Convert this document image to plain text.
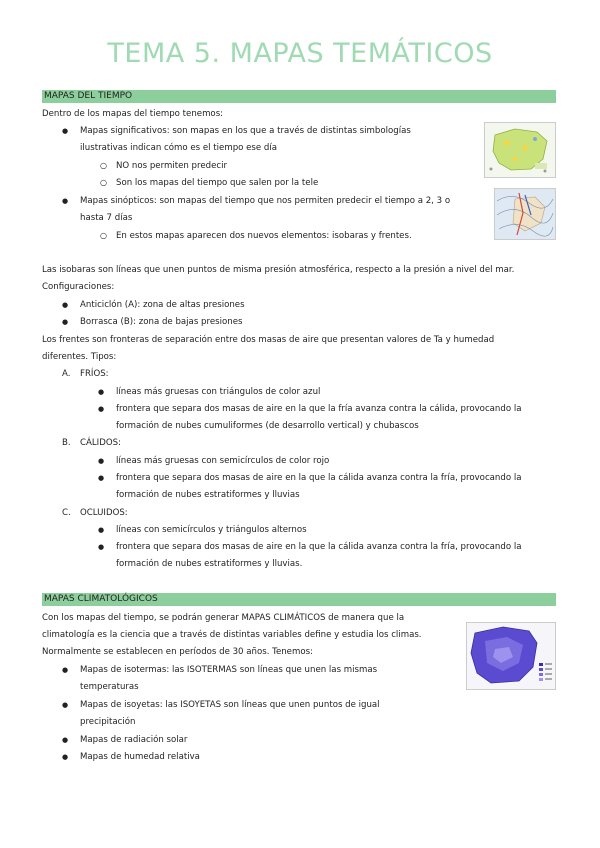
TEMA 5. MAPAS TEMÁTICOS
MAPAS DEL TIEMPO
Dentro de los mapas del tiempo tenemos:
● Mapas significativos: son mapas en los que a través de distintas simbologías
ilustrativas indican cómo es el tiempo ese día
○ NO nos permiten predecir
○ Son los mapas del tiempo que salen por la tele
● Mapas sinópticos: son mapas del tiempo que nos permiten predecir el tiempo a 2, 3 o
hasta 7 días
○ En estos mapas aparecen dos nuevos elementos: isobaras y frentes.
Las isobaras son líneas que unen puntos de misma presión atmosférica, respecto a la presión a nivel del mar.
Configuraciones:
● Anticiclón (A): zona de altas presiones
● Borrasca (B): zona de bajas presiones
Los frentes son fronteras de separación entre dos masas de aire que presentan valores de Ta y humedad
diferentes. Tipos:
A. FRÍOS:
● líneas más gruesas con triángulos de color azul
● frontera que separa dos masas de aire en la que la fría avanza contra la cálida, provocando la
formación de nubes cumuliformes (de desarrollo vertical) y chubascos
B. CÁLIDOS:
● líneas más gruesas con semicírculos de color rojo
● frontera que separa dos masas de aire en la que la cálida avanza contra la fría, provocando la
formación de nubes estratiformes y lluvias
C. OCLUIDOS:
● líneas con semicírculos y triángulos alternos
● frontera que separa dos masas de aire en la que la cálida avanza contra la fría, provocando la
formación de nubes estratiformes y lluvias.
MAPAS CLIMATOLÓGICOS
Con los mapas del tiempo, se podrán generar MAPAS CLIMÁTICOS de manera que la
climatología es la ciencia que a través de distintas variables define y estudia los climas.
Normalmente se establecen en períodos de 30 años. Tenemos:
● Mapas de isotermas: las ISOTERMAS son líneas que unen las mismas
temperaturas
● Mapas de isoyetas: las ISOYETAS son líneas que unen puntos de igual
precipitación
● Mapas de radiación solar
● Mapas de humedad relativa
